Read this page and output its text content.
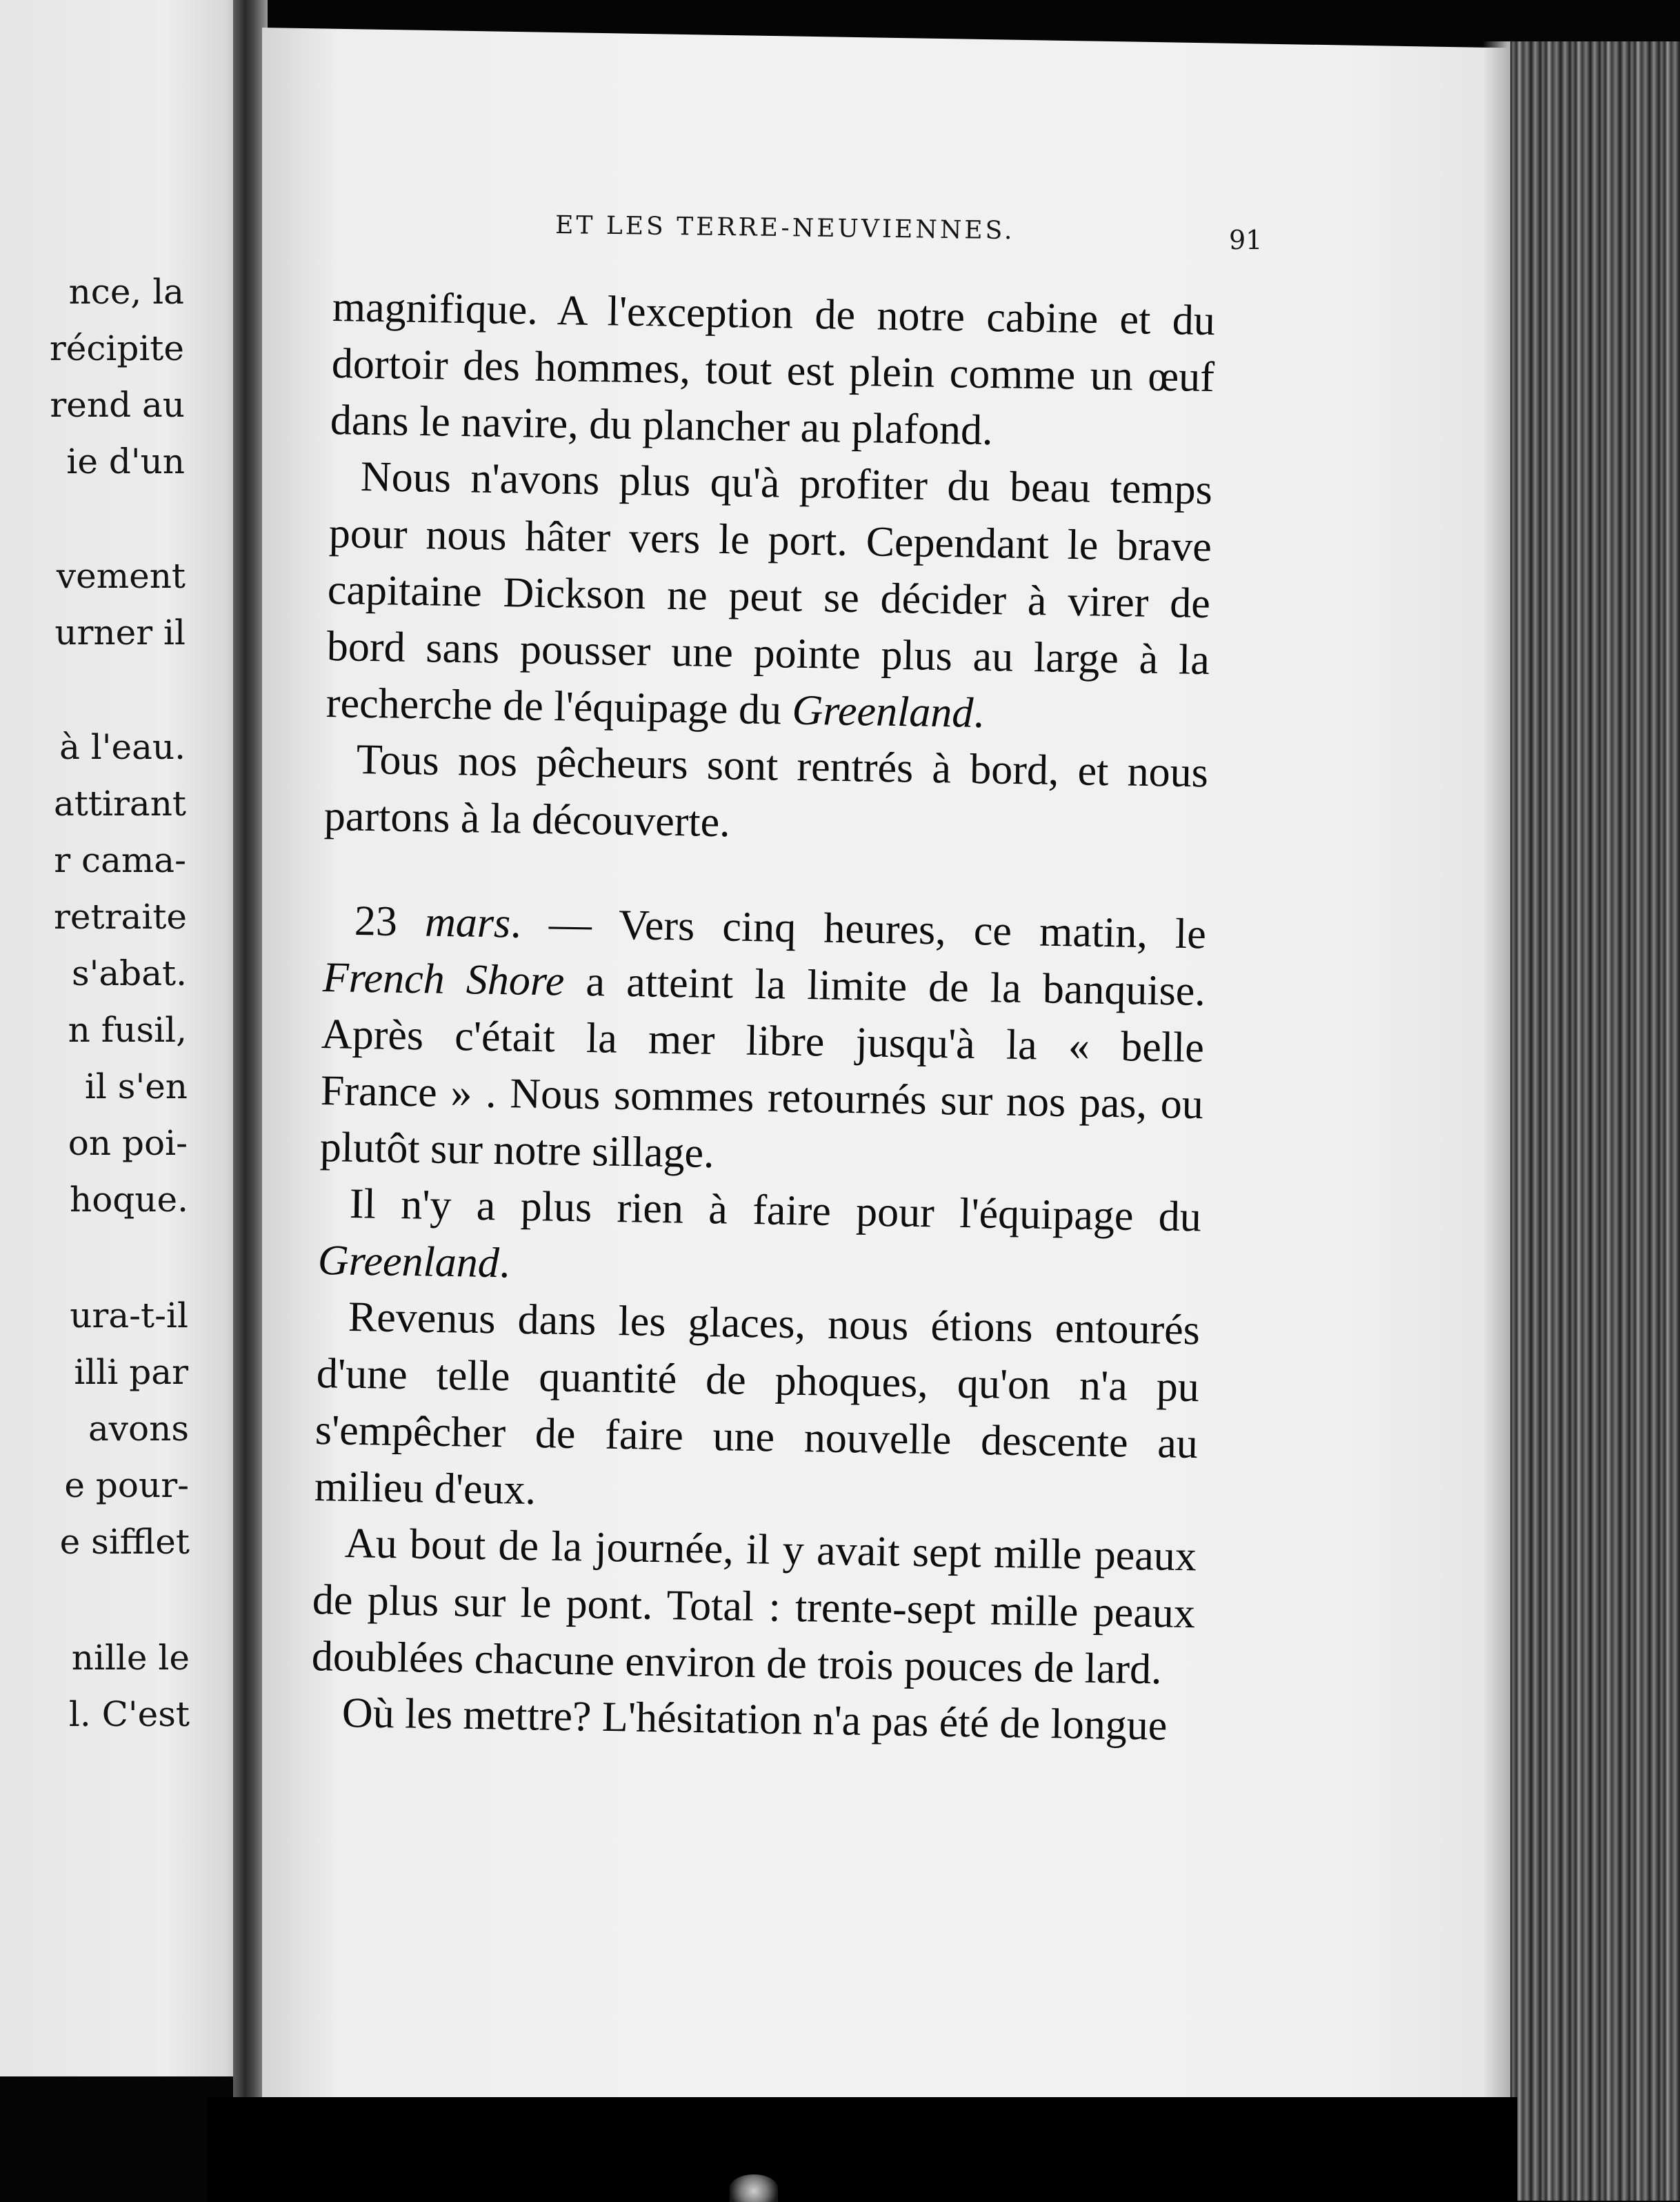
nce, la
récipite
rend au
ie d'un
vement
urner il
à l'eau.
attirant
r cama-
retraite
s'abat.
n fusil,
il s'en
on poi-
hoque.
ura-t-il
illi par
avons
e pour-
e sifflet
nille le
l. C'est
ET LES TERRE-NEUVIENNES.	91
magnifique. A l'exception de notre cabine et du
dortoir des hommes, tout est plein comme un œuf
dans le navire, du plancher au plafond.
Nous n'avons plus qu'à profiter du beau temps
pour nous hâter vers le port. Cependant le brave
capitaine Dickson ne peut se décider à virer de
bord sans pousser une pointe plus au large à la
recherche de l'équipage du Greenland.
Tous nos pêcheurs sont rentrés à bord, et nous
partons à la découverte.
23 mars. — Vers cinq heures, ce matin, le
French Shore a atteint la limite de la banquise.
Après c'était la mer libre jusqu'à la « belle
France » . Nous sommes retournés sur nos pas, ou
plutôt sur notre sillage.
Il n'y a plus rien à faire pour l'équipage du
Greenland.
Revenus dans les glaces, nous étions entourés
d'une telle quantité de phoques, qu'on n'a pu
s'empêcher de faire une nouvelle descente au
milieu d'eux.
Au bout de la journée, il y avait sept mille peaux
de plus sur le pont. Total : trente-sept mille peaux
doublées chacune environ de trois pouces de lard.
Où les mettre? L'hésitation n'a pas été de longue
